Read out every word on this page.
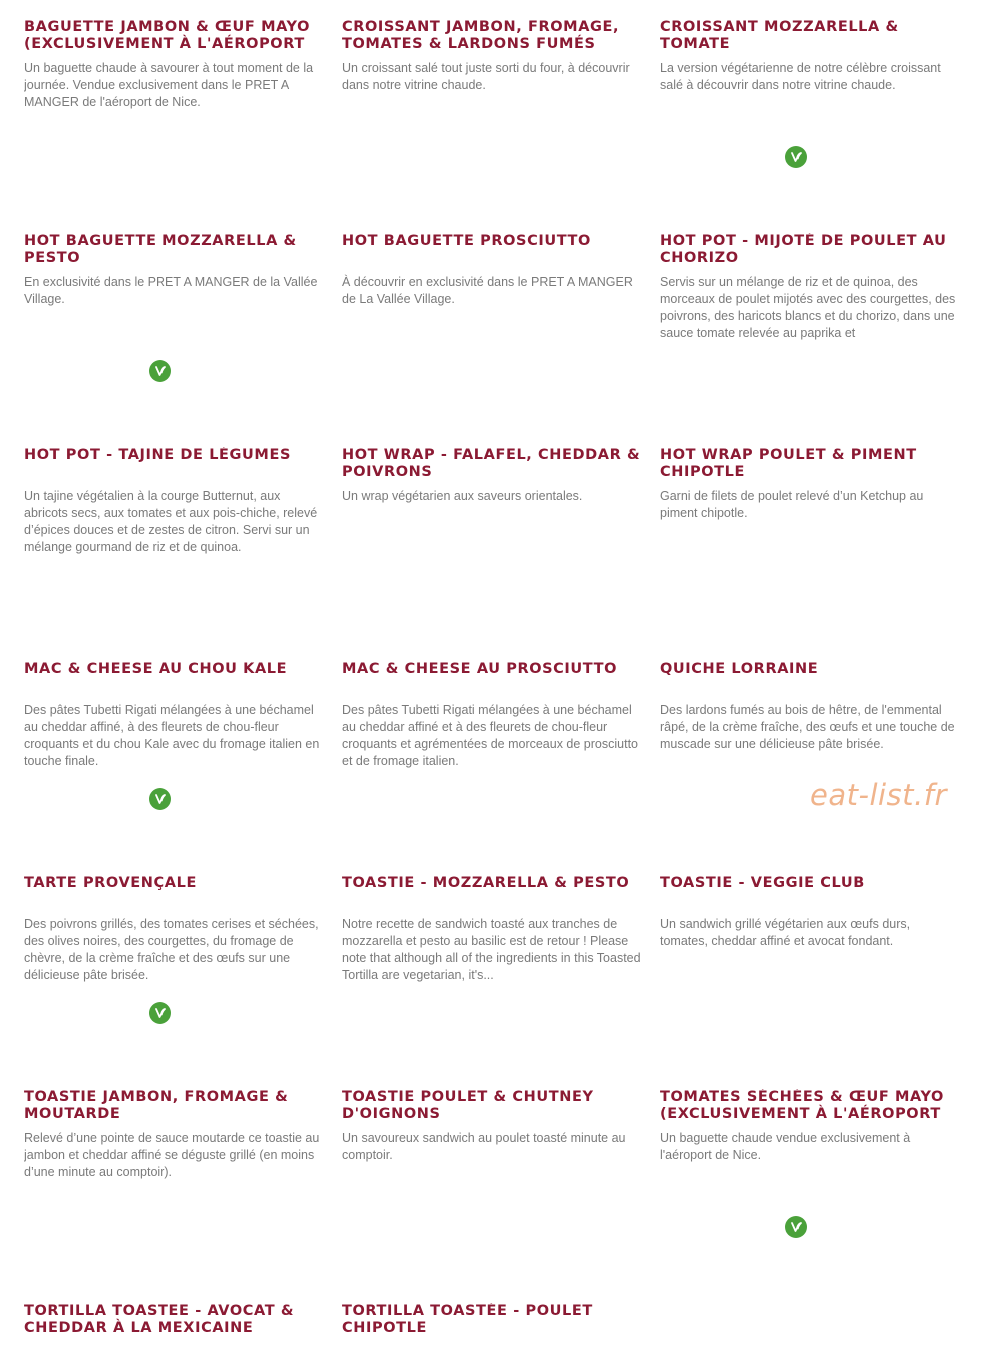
BAGUETTE JAMBON & ŒUF MAYO (EXCLUSIVEMENT À L'AÉROPORT

Un baguette chaude à savourer à tout moment de la journée. Vendue exclusivement dans le PRET A MANGER de l'aéroport de Nice.

CROISSANT JAMBON, FROMAGE, TOMATES & LARDONS FUMÉS

Un croissant salé tout juste sorti du four, à découvrir dans notre vitrine chaude.

CROISSANT MOZZARELLA & TOMATE

La version végétarienne de notre célèbre croissant salé à découvrir dans notre vitrine chaude.

HOT BAGUETTE MOZZARELLA & PESTO

En exclusivité dans le PRET A MANGER de la Vallée Village.

HOT BAGUETTE PROSCIUTTO

À découvrir en exclusivité dans le PRET A MANGER de La Vallée Village.

HOT POT - MIJOTÉ DE POULET AU CHORIZO

Servis sur un mélange de riz et de quinoa, des morceaux de poulet mijotés avec des courgettes, des poivrons, des haricots blancs et du chorizo, dans une sauce tomate relevée au paprika et

HOT POT - TAJINE DE LÉGUMES

Un tajine végétalien à la courge Butternut, aux abricots secs, aux tomates et aux pois-chiche, relevé d’épices douces et de zestes de citron. Servi sur un mélange gourmand de riz et de quinoa.

HOT WRAP - FALAFEL, CHEDDAR & POIVRONS

Un wrap végétarien aux saveurs orientales.

HOT WRAP POULET & PIMENT CHIPOTLE

Garni de filets de poulet relevé d’un Ketchup au piment chipotle.

MAC & CHEESE AU CHOU KALE

Des pâtes Tubetti Rigati mélangées à une béchamel au cheddar affiné, à des fleurets de chou-fleur croquants et du chou Kale avec du fromage italien en touche finale.

MAC & CHEESE AU PROSCIUTTO

Des pâtes Tubetti Rigati mélangées à une béchamel au cheddar affiné et à des fleurets de chou-fleur croquants et agrémentées de morceaux de prosciutto et de fromage italien.

QUICHE LORRAINE

Des lardons fumés au bois de hêtre, de l'emmental râpé, de la crème fraîche, des œufs et une touche de muscade sur une délicieuse pâte brisée.

TARTE PROVENÇALE

Des poivrons grillés, des tomates cerises et séchées, des olives noires, des courgettes, du fromage de chèvre, de la crème fraîche et des œufs sur une délicieuse pâte brisée.

TOASTIE - MOZZARELLA & PESTO

Notre recette de sandwich toasté aux tranches de mozzarella et pesto au basilic est de retour ! Please note that although all of the ingredients in this Toasted Tortilla are vegetarian, it's...

TOASTIE - VEGGIE CLUB

Un sandwich grillé végétarien aux œufs durs, tomates, cheddar affiné et avocat fondant.

TOASTIE JAMBON, FROMAGE & MOUTARDE

Relevé d’une pointe de sauce moutarde ce toastie au jambon et cheddar affiné se déguste grillé (en moins d’une minute au comptoir).

TOASTIE POULET & CHUTNEY D'OIGNONS

Un savoureux sandwich au poulet toasté minute au comptoir.

TOMATES SÉCHÉES & ŒUF MAYO (EXCLUSIVEMENT À L'AÉROPORT

Un baguette chaude vendue exclusivement à l'aéroport de Nice.

TORTILLA TOASTEE - AVOCAT & CHEDDAR À LA MEXICAINE
TORTILLA TOASTÉE - POULET CHIPOTLE
eat-list.fr
